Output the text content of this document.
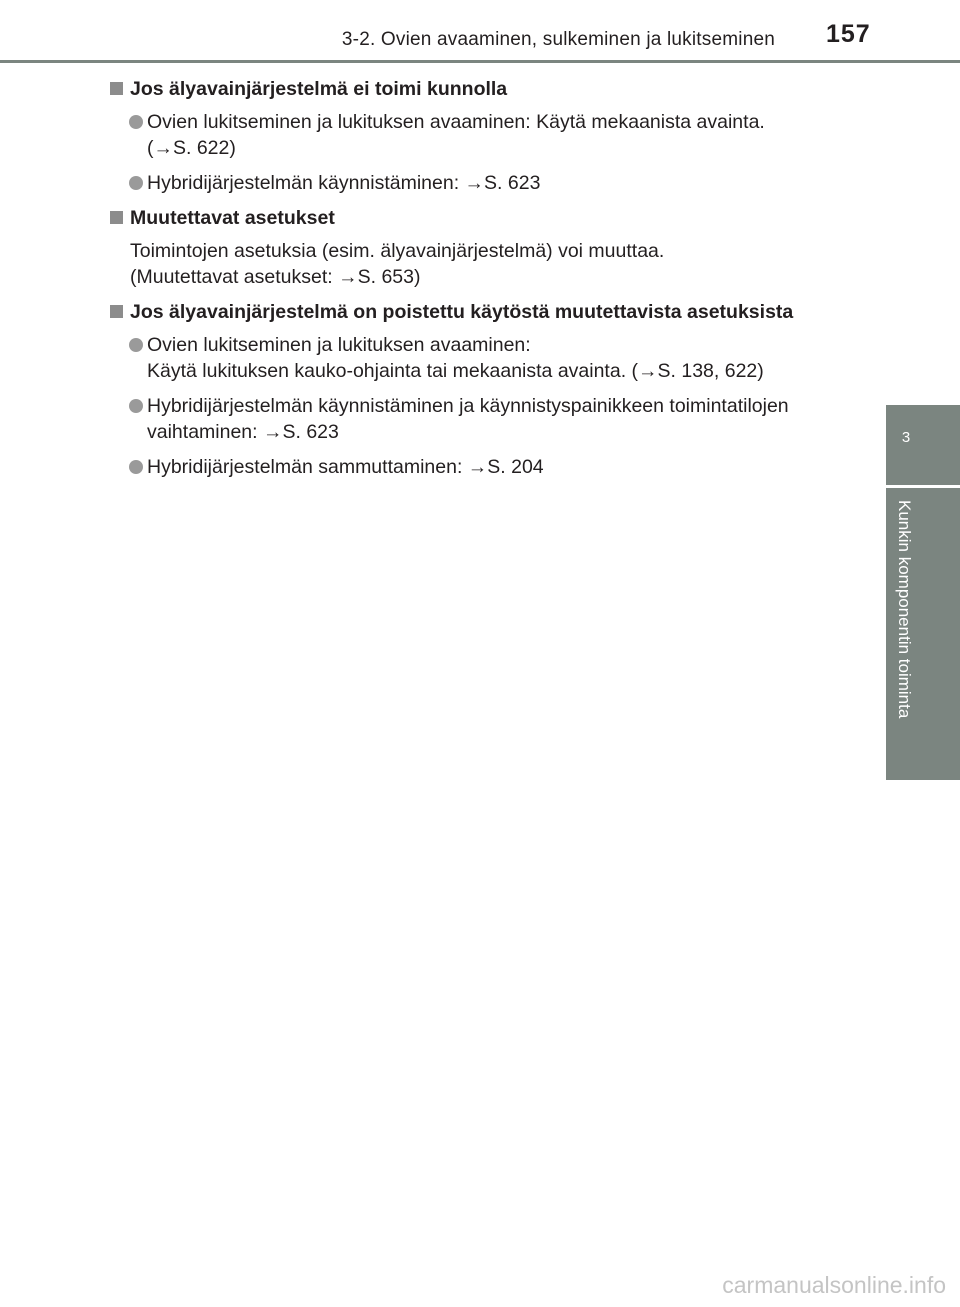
3-2. Ovien avaaminen, sulkeminen ja lukitseminen 157
3
Kunkin komponentin toiminta
Jos älyavainjärjestelmä ei toimi kunnolla
Ovien lukitseminen ja lukituksen avaaminen: Käytä mekaanista avainta.
(→S. 622)
Hybridijärjestelmän käynnistäminen: →S. 623
Muutettavat asetukset
Toimintojen asetuksia (esim. älyavainjärjestelmä) voi muuttaa.
(Muutettavat asetukset: →S. 653)
Jos älyavainjärjestelmä on poistettu käytöstä muutettavista asetuksista
Ovien lukitseminen ja lukituksen avaaminen:
Käytä lukituksen kauko-ohjainta tai mekaanista avainta. (→S. 138, 622)
Hybridijärjestelmän käynnistäminen ja käynnistyspainikkeen toimintatilojen
vaihtaminen: →S. 623
Hybridijärjestelmän sammuttaminen: →S. 204
carmanualsonline.info
